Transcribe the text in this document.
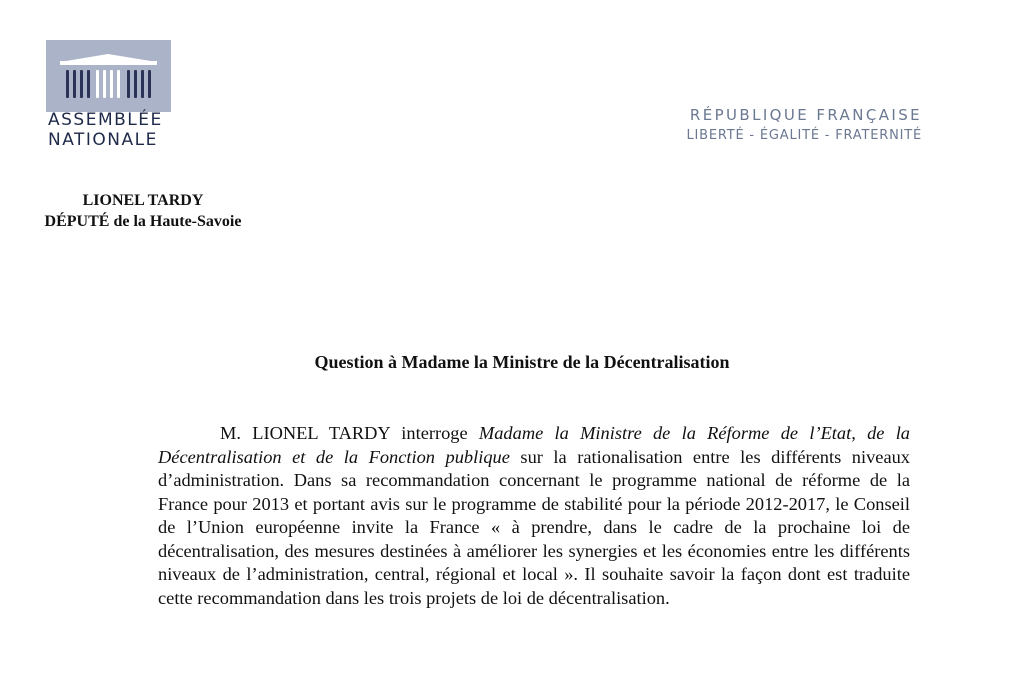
ASSEMBLÉE
NATIONALE
RÉPUBLIQUE FRANÇAISE
LIBERTÉ - ÉGALITÉ - FRATERNITÉ
LIONEL TARDY
DÉPUTÉ de la Haute-Savoie
Question à Madame la Ministre de la Décentralisation

M. LIONEL TARDY interroge Madame la Ministre de la Réforme de l’Etat, de la Décentralisation et de la Fonction publique sur la rationalisation entre les différents niveaux d’administration. Dans sa recommandation concernant le programme national de réforme de la France pour 2013 et portant avis sur le programme de stabilité pour la période 2012-2017, le Conseil de l’Union européenne invite la France « à prendre, dans le cadre de la prochaine loi de décentralisation, des mesures destinées à améliorer les synergies et les économies entre les différents niveaux de l’administration, central, régional et local ». Il souhaite savoir la façon dont est traduite cette recommandation dans les trois projets de loi de décentralisation.
